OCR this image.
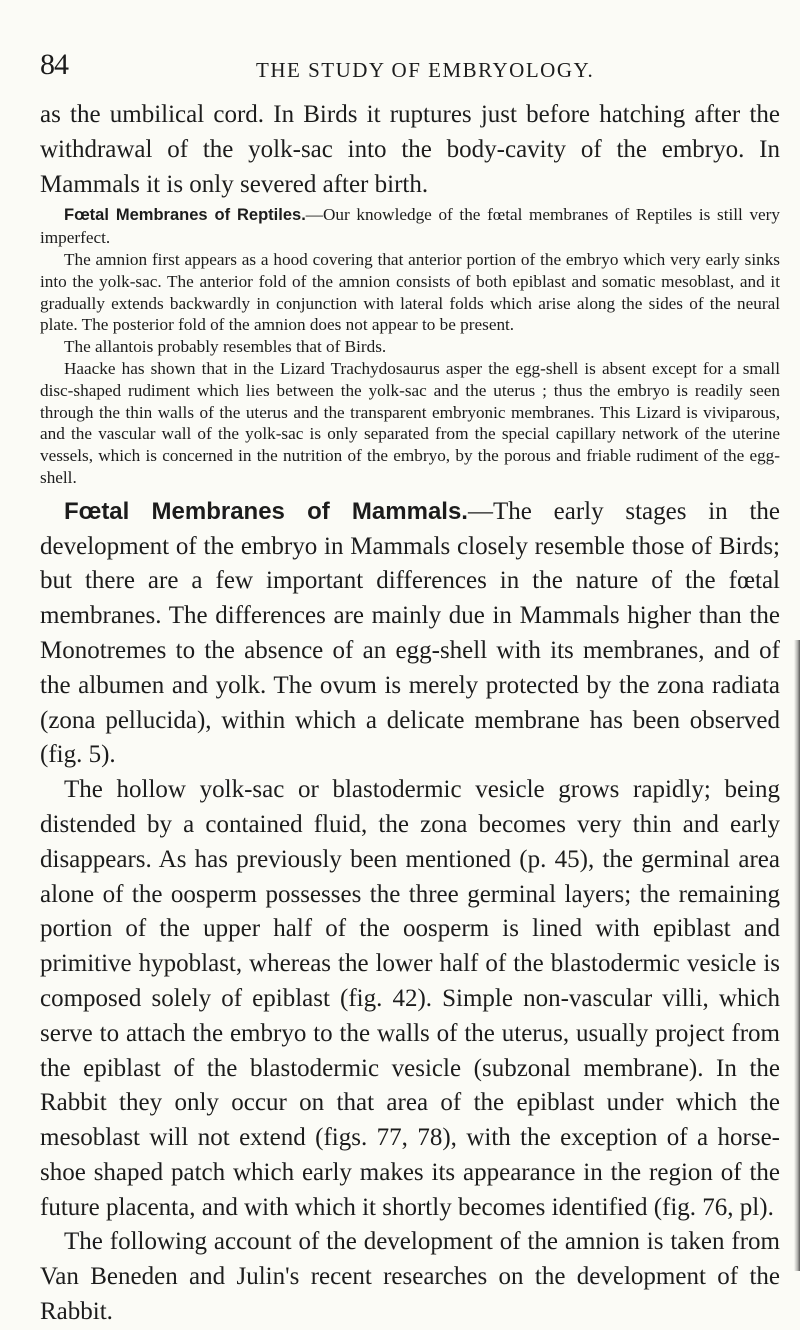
84	THE STUDY OF EMBRYOLOGY.

as the umbilical cord. In Birds it ruptures just before hatching after the withdrawal of the yolk-sac into the body-cavity of the embryo. In Mammals it is only severed after birth.

Fœtal Membranes of Reptiles.—Our knowledge of the fœtal membranes of Reptiles is still very imperfect.

The amnion first appears as a hood covering that anterior portion of the embryo which very early sinks into the yolk-sac. The anterior fold of the amnion consists of both epiblast and somatic mesoblast, and it gradually extends backwardly in conjunction with lateral folds which arise along the sides of the neural plate. The posterior fold of the amnion does not appear to be present.

The allantois probably resembles that of Birds.

Haacke has shown that in the Lizard Trachydosaurus asper the egg-shell is absent except for a small disc-shaped rudiment which lies between the yolk-sac and the uterus ; thus the embryo is readily seen through the thin walls of the uterus and the transparent embryonic membranes. This Lizard is viviparous, and the vascular wall of the yolk-sac is only separated from the special capillary network of the uterine vessels, which is concerned in the nutrition of the embryo, by the porous and friable rudiment of the egg-shell.

Fœtal Membranes of Mammals.—The early stages in the development of the embryo in Mammals closely resemble those of Birds; but there are a few important differences in the nature of the fœtal membranes. The differences are mainly due in Mammals higher than the Monotremes to the absence of an egg-shell with its membranes, and of the albumen and yolk. The ovum is merely protected by the zona radiata (zona pellucida), within which a delicate membrane has been observed (fig. 5).

The hollow yolk-sac or blastodermic vesicle grows rapidly; being distended by a contained fluid, the zona becomes very thin and early disappears. As has previously been mentioned (p. 45), the germinal area alone of the oosperm possesses the three germinal layers; the remaining portion of the upper half of the oosperm is lined with epiblast and primitive hypoblast, whereas the lower half of the blastodermic vesicle is composed solely of epiblast (fig. 42). Simple non-vascular villi, which serve to attach the embryo to the walls of the uterus, usually project from the epiblast of the blastodermic vesicle (subzonal membrane). In the Rabbit they only occur on that area of the epiblast under which the mesoblast will not extend (figs. 77, 78), with the exception of a horse-shoe shaped patch which early makes its appearance in the region of the future placenta, and with which it shortly becomes identified (fig. 76, pl).

The following account of the development of the amnion is taken from Van Beneden and Julin's recent researches on the development of the Rabbit.
